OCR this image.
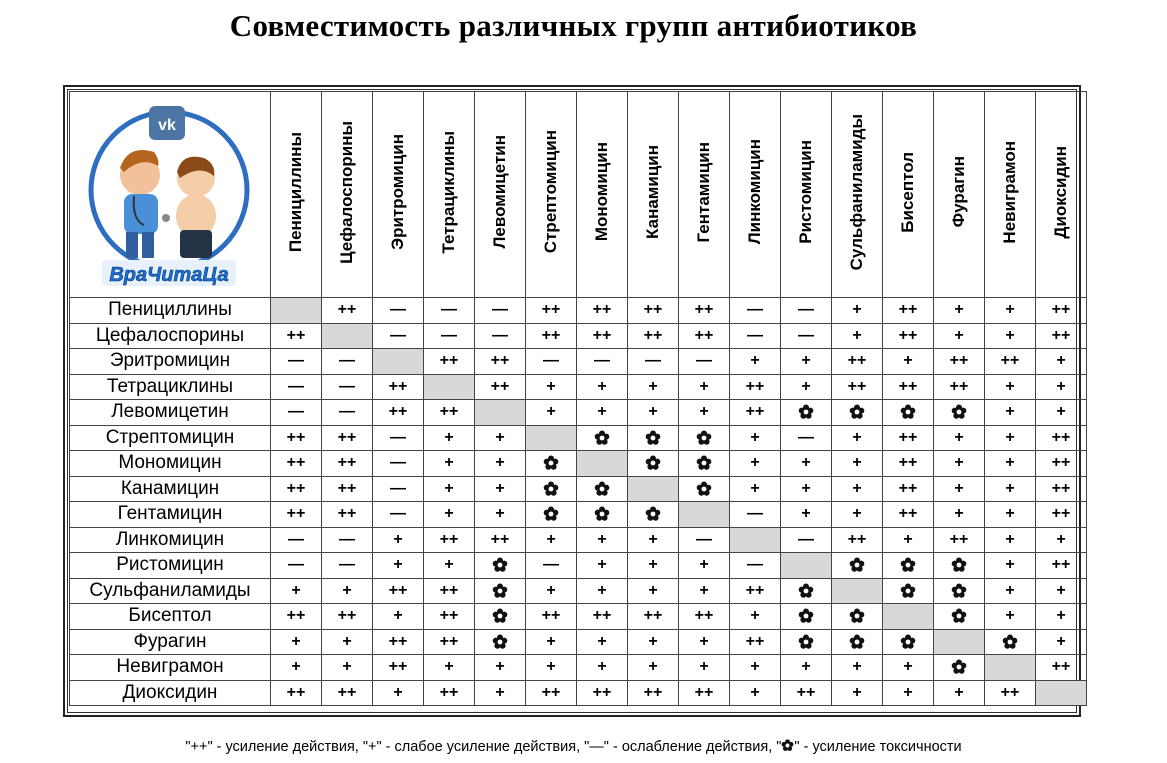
Совместимость различных групп антибиотиков
vk
ВраЧитаЦа	Пенициллины	Цефалоспорины	Эритромицин	Тетрациклины	Левомицетин	Стрептомицин	Мономицин	Канамицин	Гентамицин	Линкомицин	Ристомицин	Сульфаниламиды	Бисептол	Фурагин	Невиграмон	Диоксидин
Пенициллины		++	—	—	—	++	++	++	++	—	—	+	++	+	+	++
Цефалоспорины	++		—	—	—	++	++	++	++	—	—	+	++	+	+	++
Эритромицин	—	—		++	++	—	—	—	—	+	+	++	+	++	++	+
Тетрациклины	—	—	++		++	+	+	+	+	++	+	++	++	++	+	+
Левомицетин	—	—	++	++		+	+	+	+	++					+	+
Стрептомицин	++	++	—	+	+					+	—	+	++	+	+	++
Мономицин	++	++	—	+	+					+	+	+	++	+	+	++
Канамицин	++	++	—	+	+					+	+	+	++	+	+	++
Гентамицин	++	++	—	+	+					—	+	+	++	+	+	++
Линкомицин	—	—	+	++	++	+	+	+	—		—	++	+	++	+	+
Ристомицин	—	—	+	+		—	+	+	+	—					+	++
Сульфаниламиды	+	+	++	++		+	+	+	+	++					+	+
Бисептол	++	++	+	++		++	++	++	++	+					+	+
Фурагин	+	+	++	++		+	+	+	+	++						+
Невиграмон	+	+	++	+	+	+	+	+	+	+	+	+	+			++
Диоксидин	++	++	+	++	+	++	++	++	++	+	++	+	+	+	++	
"++" - усиление действия, "+" - слабое усиление действия, "—" - ослабление действия, " " - усиление токсичности
